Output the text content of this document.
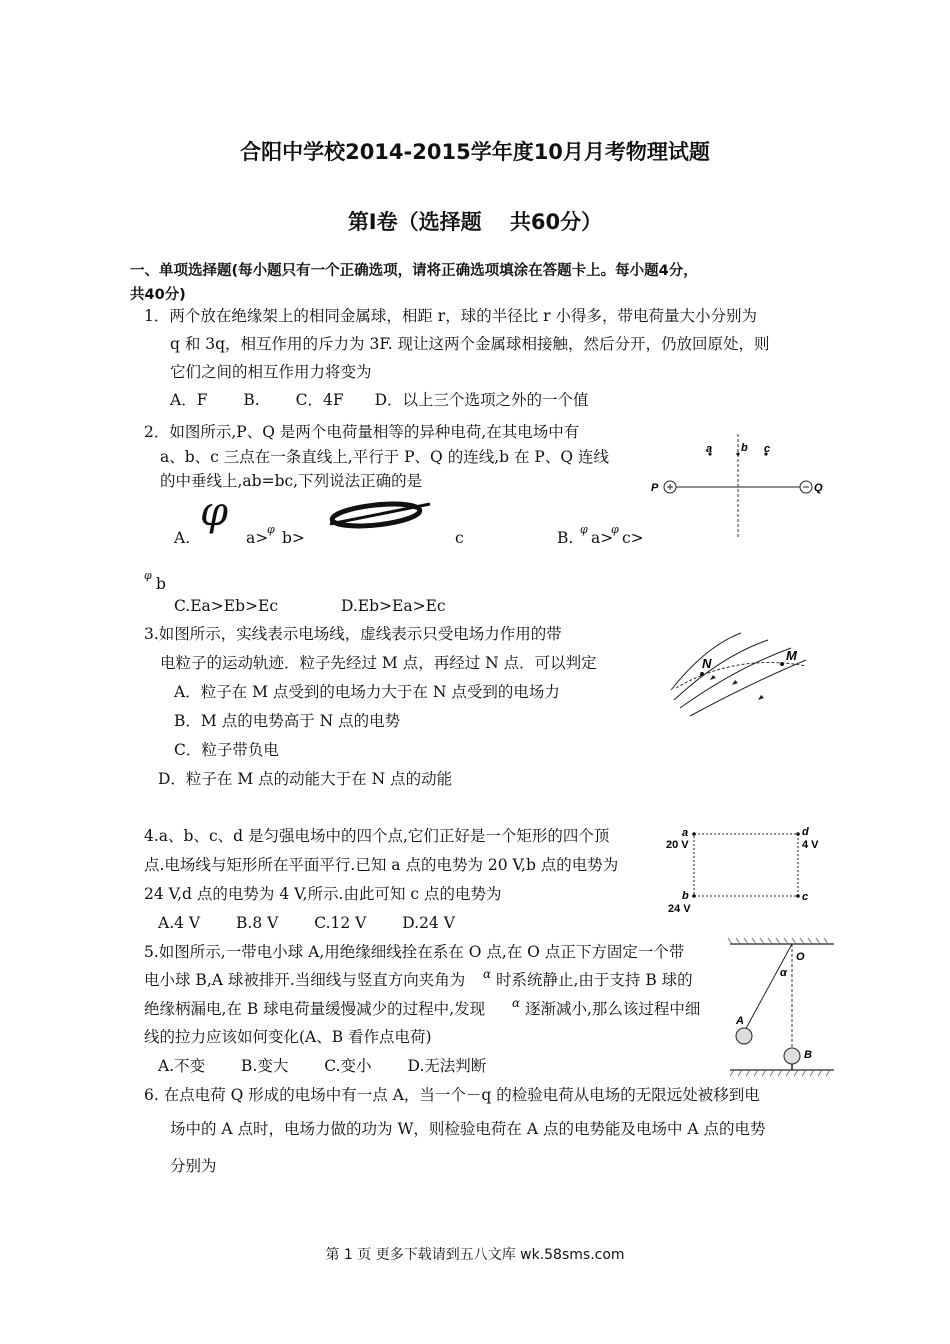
合阳中学校2014-2015学年度10月月考物理试题
第Ⅰ卷（选择题　 共60分）
一、单项选择题(每小题只有一个正确选项，请将正确选项填涂在答题卡上。每小题4分，
共40分)
1．两个放在绝缘架上的相同金属球，相距 r，球的半径比 r 小得多，带电荷量大小分别为
q 和 3q，相互作用的斥力为 3F. 现让这两个金属球相接触，然后分开，仍放回原处，则
它们之间的相互作用力将变为
A．F　　 B.　　 C．4F　　D．以上三个选项之外的一个值
2．如图所示,P、Q 是两个电荷量相等的异种电荷,在其电场中有
a、b、c 三点在一条直线上,平行于 P、Q 的连线,b 在 P、Q 连线
的中垂线上,ab=bc,下列说法正确的是
A.
φ
a>
φ b>	c	B. φ a>
φ c>
φ b
C.Ea>Eb>Ec	D.Eb>Ea>Ec
a	b c
P	Q
3.如图所示，实线表示电场线，虚线表示只受电场力作用的带
电粒子的运动轨迹．粒子先经过 M 点，再经过 N 点．可以判定
A．粒子在 M 点受到的电场力大于在 N 点受到的电场力
B．M 点的电势高于 N 点的电势
C．粒子带负电
D．粒子在 M 点的动能大于在 N 点的动能
N
M
4.a、b、c、d 是匀强电场中的四个点,它们正好是一个矩形的四个顶
点.电场线与矩形所在平面平行.已知 a 点的电势为 20 V,b 点的电势为
24 V,d 点的电势为 4 V,所示.由此可知 c 点的电势为
A.4 V　　 B.8 V　　 C.12 V　　 D.24 V
a
20 V
d
4 V
b
24 V
c
5.如图所示,一带电小球 A,用绝缘细线拴在系在 O 点,在 O 点正下方固定一个带
电小球 B,A 球被排开.当细线与竖直方向夹角为 α 时系统静止,由于支持 B 球的
绝缘柄漏电,在 B 球电荷量缓慢减少的过程中,发现 α 逐渐减小,那么该过程中细
线的拉力应该如何变化(A、B 看作点电荷)
A.不变　　 B.变大　　 C.变小　　 D.无法判断
O
α
A
B
6. 在点电荷 Q 形成的电场中有一点 A，当一个－q 的检验电荷从电场的无限远处被移到电
场中的 A 点时，电场力做的功为 W，则检验电荷在 A 点的电势能及电场中 A 点的电势
分别为
第 1 页 更多下载请到五八文库 wk.58sms.com
